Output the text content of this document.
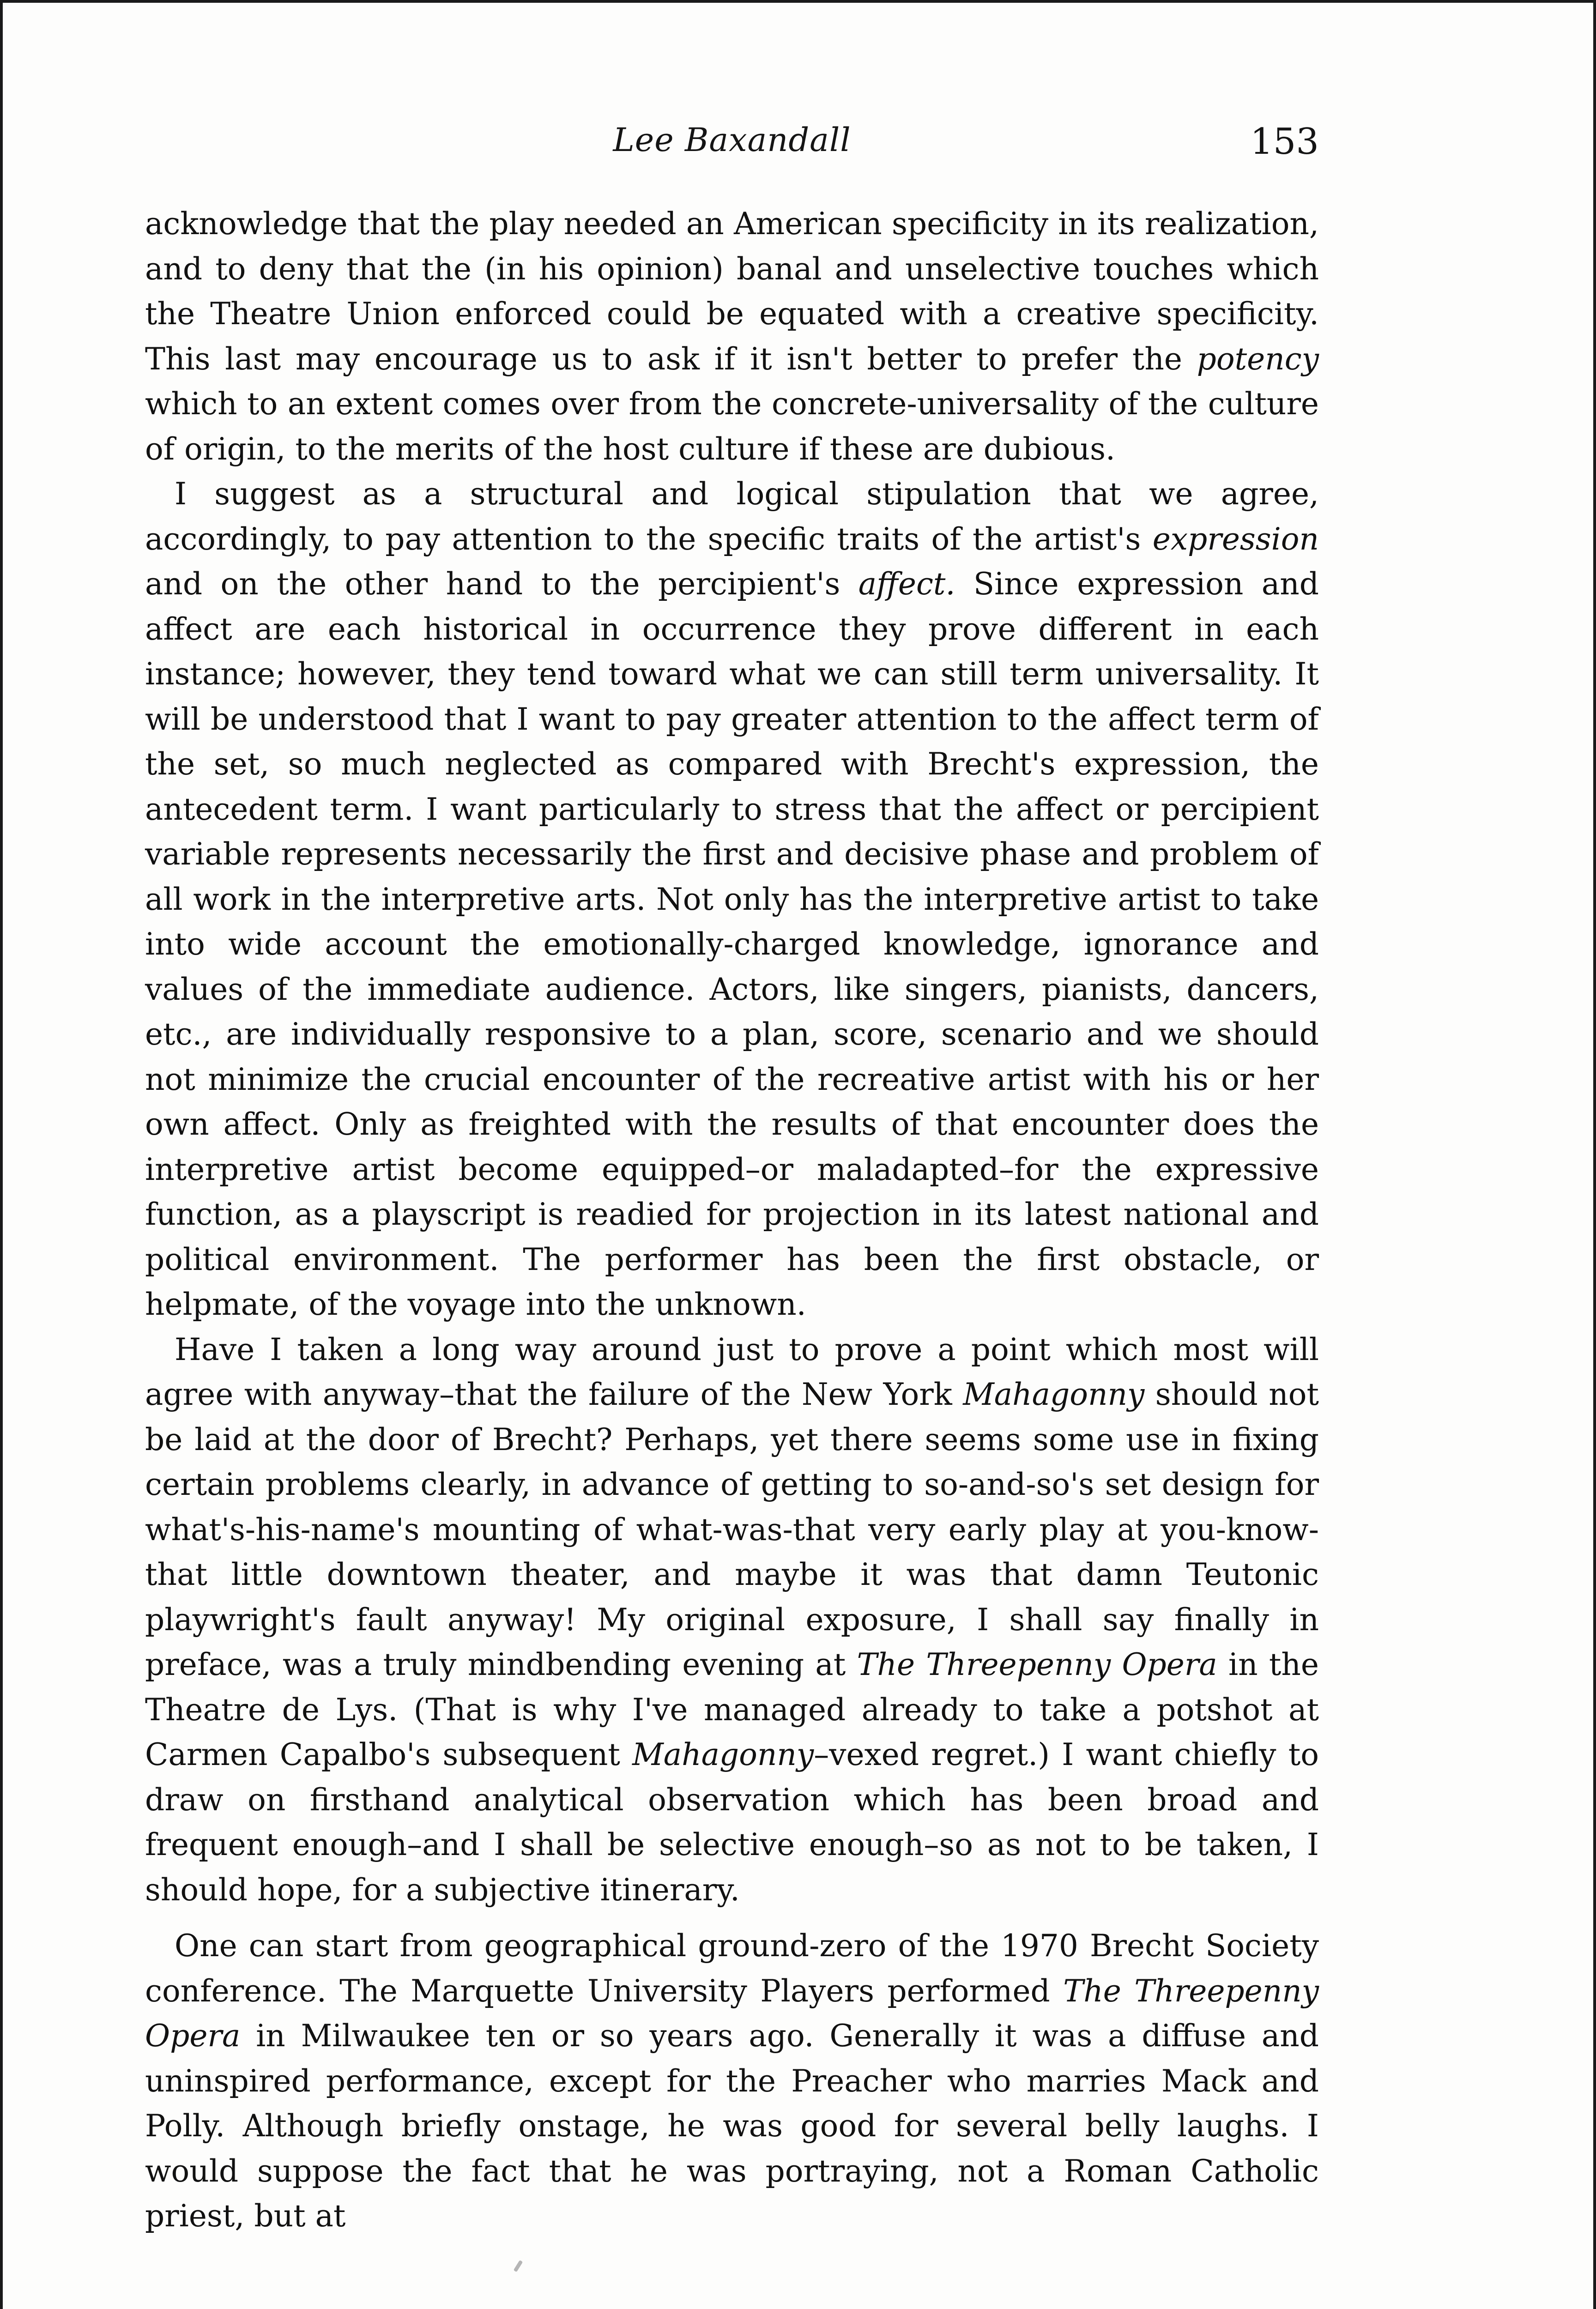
Lee Baxandall	153

acknowledge that the play needed an American specificity in its realization, and to deny that the (in his opinion) banal and unselective touches which the Theatre Union enforced could be equated with a creative specificity. This last may encourage us to ask if it isn't better to prefer the potency which to an extent comes over from the concrete-universality of the culture of origin, to the merits of the host culture if these are dubious.

I suggest as a structural and logical stipulation that we agree, accordingly, to pay attention to the specific traits of the artist's expression and on the other hand to the percipient's affect. Since expression and affect are each historical in occurrence they prove different in each instance; however, they tend toward what we can still term universality. It will be understood that I want to pay greater attention to the affect term of the set, so much neglected as compared with Brecht's expression, the antecedent term. I want particularly to stress that the affect or percipient variable represents necessarily the first and decisive phase and problem of all work in the interpretive arts. Not only has the interpretive artist to take into wide account the emotionally-charged knowledge, ignorance and values of the immediate audience. Actors, like singers, pianists, dancers, etc., are individually responsive to a plan, score, scenario and we should not minimize the crucial encounter of the recreative artist with his or her own affect. Only as freighted with the results of that encounter does the interpretive artist become equipped–or maladapted–for the expressive function, as a playscript is readied for projection in its latest national and political environment. The performer has been the first obstacle, or helpmate, of the voyage into the unknown.

Have I taken a long way around just to prove a point which most will agree with anyway–that the failure of the New York Mahagonny should not be laid at the door of Brecht? Perhaps, yet there seems some use in fixing certain problems clearly, in advance of getting to so-and-so's set design for what's-his-name's mounting of what-was-that very early play at you-know-that little downtown theater, and maybe it was that damn Teutonic playwright's fault anyway! My original exposure, I shall say finally in preface, was a truly mindbending evening at The Threepenny Opera in the Theatre de Lys. (That is why I've managed already to take a potshot at Carmen Capalbo's subsequent Mahagonny–vexed regret.) I want chiefly to draw on firsthand analytical observation which has been broad and frequent enough–and I shall be selective enough–so as not to be taken, I should hope, for a subjective itinerary.

One can start from geographical ground-zero of the 1970 Brecht Society conference. The Marquette University Players performed The Threepenny Opera in Milwaukee ten or so years ago. Generally it was a diffuse and uninspired performance, except for the Preacher who marries Mack and Polly. Although briefly onstage, he was good for several belly laughs. I would suppose the fact that he was portraying, not a Roman Catholic priest, but at
